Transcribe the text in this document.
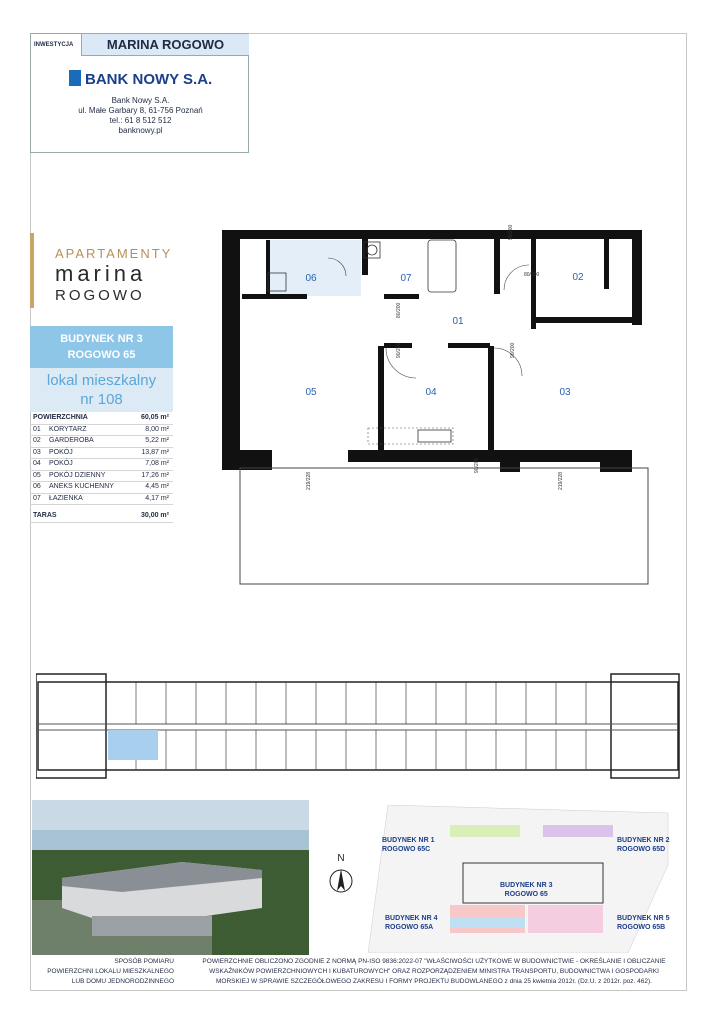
INWESTYCJA	MARINA ROGOWO
BANK NOWY S.A.
Bank Nowy S.A.
ul. Małe Garbary 8, 61-756 Poznań
tel.: 61 8 512 512
banknowy.pl
APARTAMENTY
marina
ROGOWO
BUDYNEK NR 3
ROGOWO 65
lokal mieszkalny
nr 108
POWIERZCHNIA	60,05 m²
01	KORYTARZ	8,00 m²
02	GARDEROBA	5,22 m²
03	POKÓJ	13,87 m²
04	POKÓJ	7,08 m²
05	POKÓJ DZIENNY	17,26 m²
06	ANEKS KUCHENNY	4,45 m²
07	ŁAZIENKA	4,17 m²
TARAS	30,00 m²
01
02
03
04
05
06	07
90/200
80/200
80/200
90/200	90/200
90/200
219/228	219/228
BUDYNEK NR 1
ROGOWO 65C
BUDYNEK NR 2
ROGOWO 65D
BUDYNEK NR 3
ROGOWO 65
BUDYNEK NR 4
ROGOWO 65A
BUDYNEK NR 5
ROGOWO 65B
N
SPOSÓB POMIARU
POWIERZCHNI LOKALU MIESZKALNEGO
LUB DOMU JEDNORODZINNEGO
POWIERZCHNIE OBLICZONO ZGODNIE Z NORMĄ PN-ISO 9836:2022-07 "WŁAŚCIWOŚCI UŻYTKOWE W BUDOWNICTWIE - OKREŚLANIE I OBLICZANIE
WSKAŹNIKÓW POWIERZCHNIOWYCH I KUBATUROWYCH" ORAZ ROZPORZĄDZENIEM MINISTRA TRANSPORTU, BUDOWNICTWA I GOSPODARKI
MORSKIEJ W SPRAWIE SZCZEGÓŁOWEGO ZAKRESU I FORMY PROJEKTU BUDOWLANEGO z dnia 25 kwietnia 2012r. (Dz.U. z 2012r. poz. 462).
